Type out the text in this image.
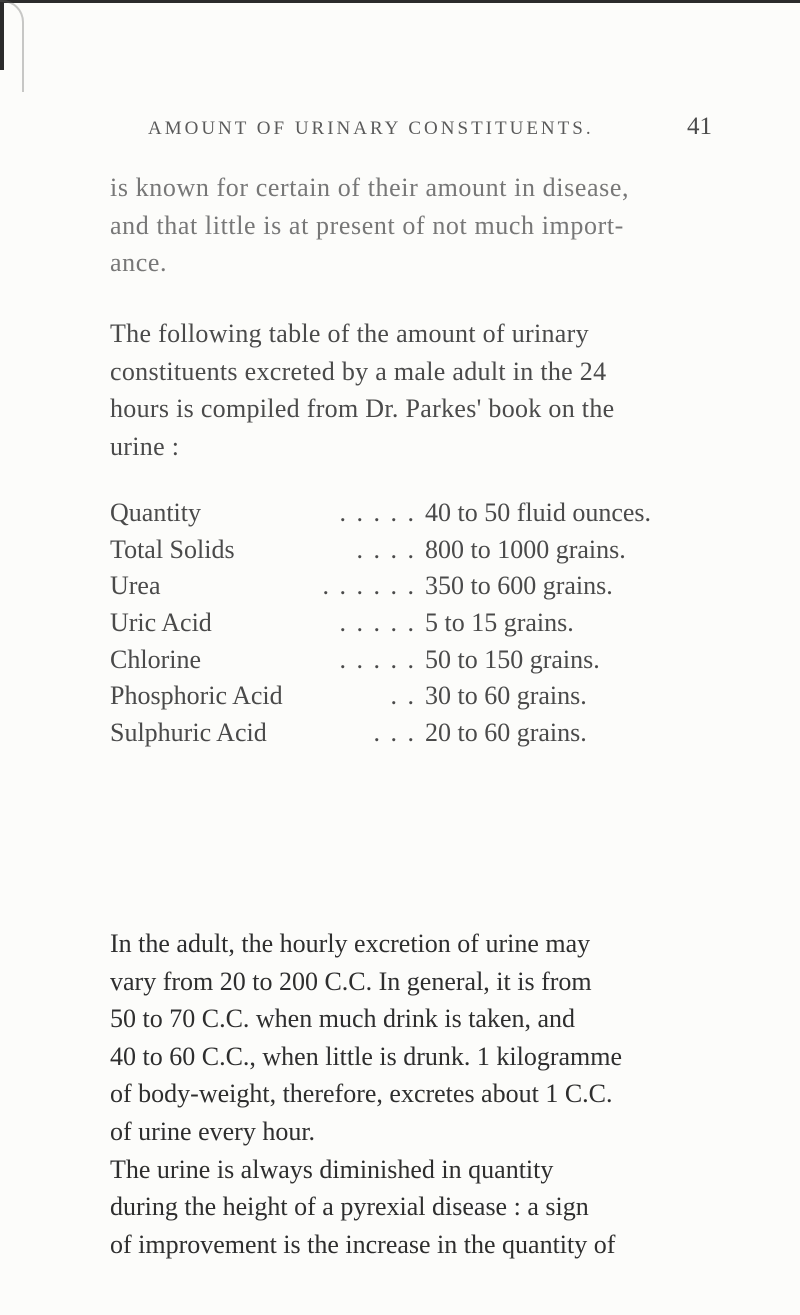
AMOUNT OF URINARY CONSTITUENTS.	41

is known for certain of their amount in disease,
and that little is at present of not much import-
ance.

The following table of the amount of urinary
constituents excreted by a male adult in the 24
hours is compiled from Dr. Parkes' book on the
urine :

Quantity	. . . . . 40 to 50 fluid ounces.
Total Solids	. . . . 800 to 1000 grains.
Urea	. . . . . . 350 to 600 grains.
Uric Acid	. . . . . 5 to 15 grains.
Chlorine	. . . . . 50 to 150 grains.
Phosphoric Acid	. . 30 to 60 grains.
Sulphuric Acid	. . . 20 to 60 grains.

In the adult, the hourly excretion of urine may
vary from 20 to 200 C.C. In general, it is from
50 to 70 C.C. when much drink is taken, and
40 to 60 C.C., when little is drunk. 1 kilogramme
of body-weight, therefore, excretes about 1 C.C.
of urine every hour.
The urine is always diminished in quantity
during the height of a pyrexial disease : a sign
of improvement is the increase in the quantity of
